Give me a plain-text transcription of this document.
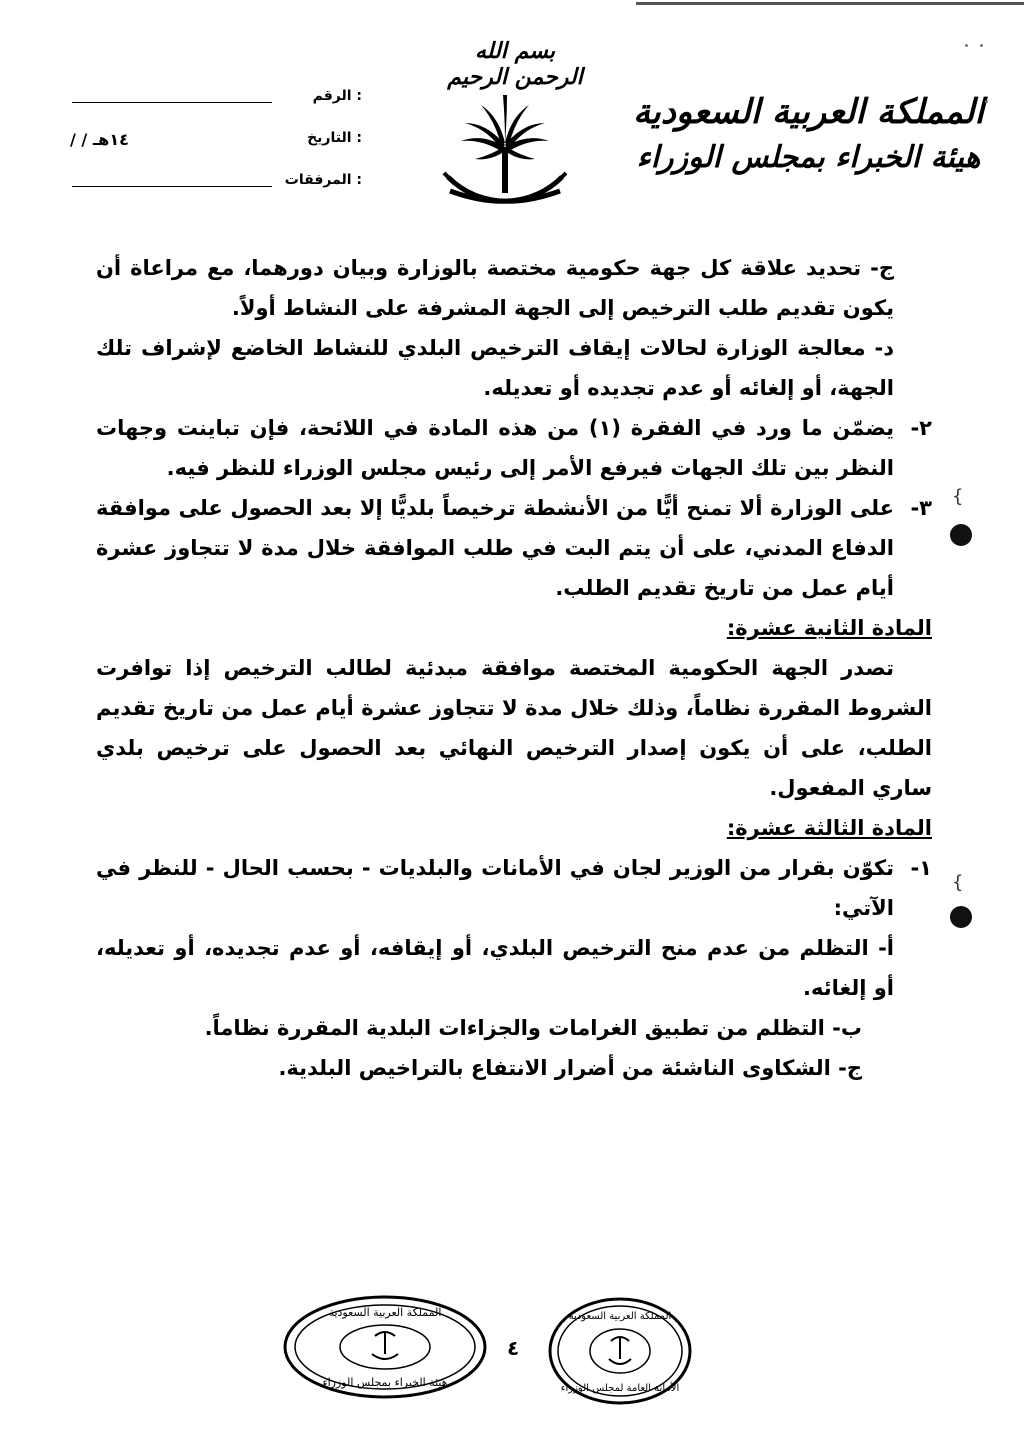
بسم الله الرحمن الرحيم
المملكة العربية السعودية
هيئة الخبراء بمجلس الوزراء
الرقم :
التاريخ :
/ / ١٤هـ
المرفقات :

ج- تحديد علاقة كل جهة حكومية مختصة بالوزارة وبيان دورهما، مع مراعاة أن يكون تقديم طلب الترخيص إلى الجهة المشرفة على النشاط أولاً.

د- معالجة الوزارة لحالات إيقاف الترخيص البلدي للنشاط الخاضع لإشراف تلك الجهة، أو إلغائه أو عدم تجديده أو تعديله.

٢-
يضمّن ما ورد في الفقرة (١) من هذه المادة في اللائحة، فإن تباينت وجهات النظر بين تلك الجهات فيرفع الأمر إلى رئيس مجلس الوزراء للنظر فيه.
٣-
على الوزارة ألا تمنح أيًّا من الأنشطة ترخيصاً بلديًّا إلا بعد الحصول على موافقة الدفاع المدني، على أن يتم البت في طلب الموافقة خلال مدة لا تتجاوز عشرة أيام عمل من تاريخ تقديم الطلب.

المادة الثانية عشرة:

تصدر الجهة الحكومية المختصة موافقة مبدئية لطالب الترخيص إذا توافرت الشروط المقررة نظاماً، وذلك خلال مدة لا تتجاوز عشرة أيام عمل من تاريخ تقديم الطلب، على أن يكون إصدار الترخيص النهائي بعد الحصول على ترخيص بلدي ساري المفعول.

المادة الثالثة عشرة:

١-
تكوّن بقرار من الوزير لجان في الأمانات والبلديات - بحسب الحال - للنظر في الآتي:

أ- التظلم من عدم منح الترخيص البلدي، أو إيقافه، أو عدم تجديده، أو تعديله، أو إلغائه.

ب- التظلم من تطبيق الغرامات والجزاءات البلدية المقررة نظاماً.

ج- الشكاوى الناشئة من أضرار الانتفاع بالتراخيص البلدية.

{
{
٤
المملكة العربية السعودية
هيئة الخبراء بمجلس الوزراء
المملكة العربية السعودية
الأمانة العامة لمجلس الوزراء
